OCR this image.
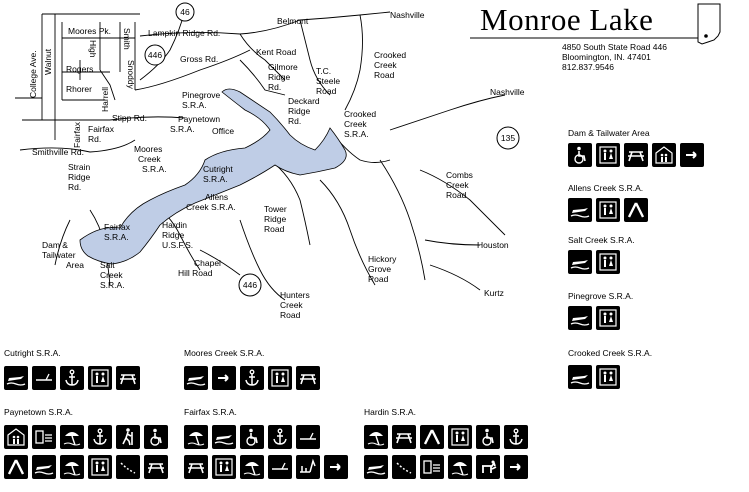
46
446
135
446
Belmont
Nashville
Nashville
Lampkin Ridge Rd.
Kent Road
Gross Rd.
Moores Pk.
Rogers
Rhorer
Stipp Rd.
Smithville Rd.
Office
Houston
Kurtz
High	Smith
Snoddy
Walnut
College Ave.
Harrell
Fairfax Fairfax Rd.
Strain Ridge Rd.
Gilmore Ridge Rd.
T.C. Steele Road
Crooked Creek Road
Crooked Creek S.R.A.
Deckard Ridge Rd.
Pinegrove S.R.A.
Paynetown S.R.A.
Moores Creek S.R.A.	Cutright S.R.A.
Allens Creek S.R.A.
Fairfax S.R.A.
Hardin Ridge U.S.F.S.
Dam & Tailwater Area Salt Creek S.R.A.
Chapel Hill Road
Tower Ridge Road
Combs Creek Road
Hickory Grove Road
Hunters Creek Road
Monroe Lake
4850 South State Road 446
Bloomington, IN. 47401
812.837.9546
Dam & Tailwater Area
Allens Creek S.R.A.
Salt Creek S.R.A.
Pinegrove S.R.A.
Crooked Creek S.R.A.
Cutright S.R.A.	Moores Creek S.R.A.
Paynetown S.R.A.	Fairfax S.R.A.	Hardin S.R.A.
